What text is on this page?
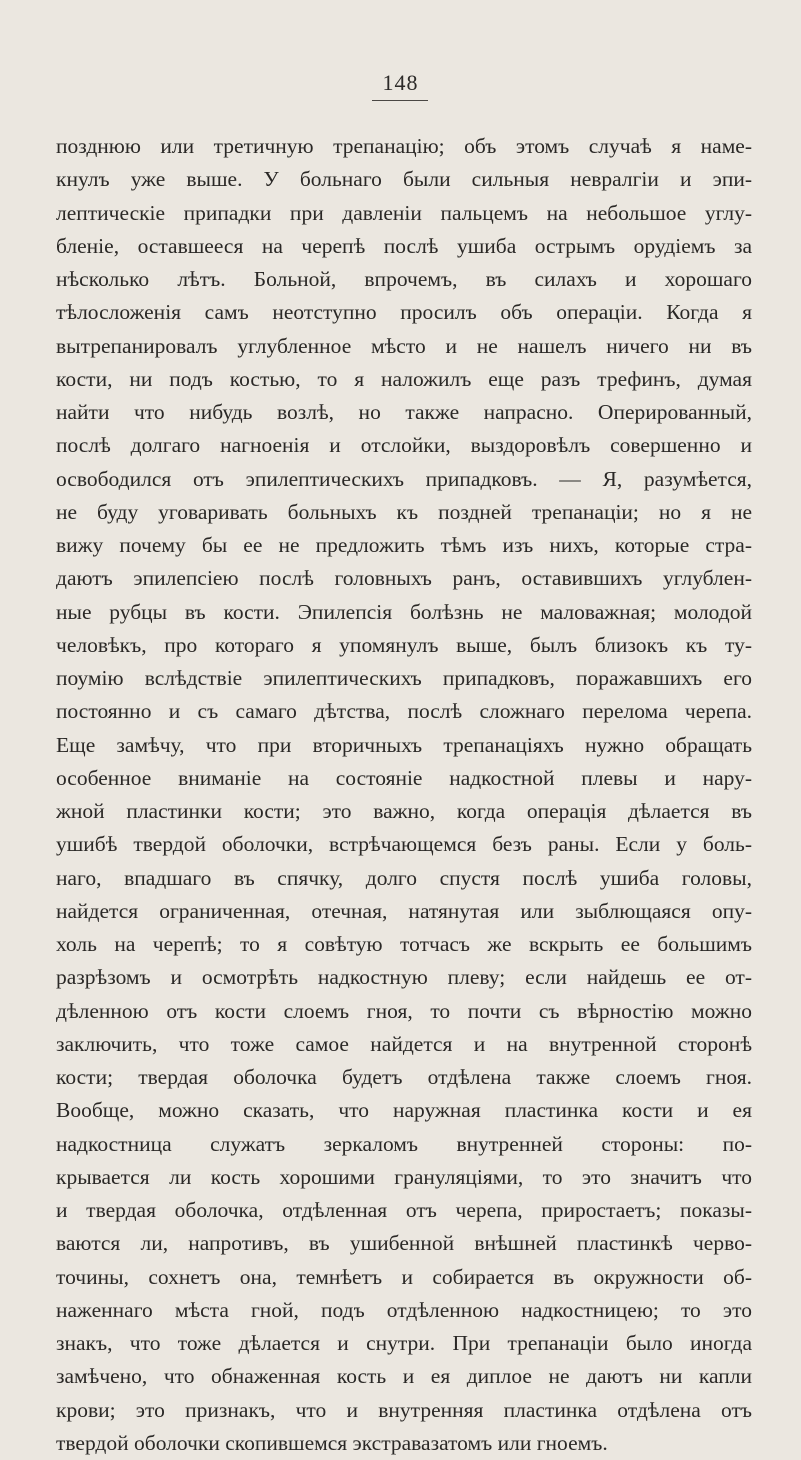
148
позднюю или третичную трепанацію; объ этомъ случаѣ я наме-
кнулъ уже выше. У больнаго были сильныя невралгіи и эпи-
лептическіе припадки при давленіи пальцемъ на небольшое углу-
бленіе, оставшееся на черепѣ послѣ ушиба острымъ орудіемъ за
нѣсколько лѣтъ. Больной, впрочемъ, въ силахъ и хорошаго
тѣлосложенія самъ неотступно просилъ объ операціи. Когда я
вытрепанировалъ углубленное мѣсто и не нашелъ ничего ни въ
кости, ни подъ костью, то я наложилъ еще разъ трефинъ, думая
найти что нибудь возлѣ, но также напрасно. Оперированный,
послѣ долгаго нагноенія и отслойки, выздоровѣлъ совершенно и
освободился отъ эпилептическихъ припадковъ. — Я, разумѣется,
не буду уговаривать больныхъ къ поздней трепанаціи; но я не
вижу почему бы ее не предложить тѣмъ изъ нихъ, которые стра-
даютъ эпилепсіею послѣ головныхъ ранъ, оставившихъ углублен-
ные рубцы въ кости. Эпилепсія болѣзнь не маловажная; молодой
человѣкъ, про котораго я упомянулъ выше, былъ близокъ къ ту-
поумію вслѣдствіе эпилептическихъ припадковъ, поражавшихъ его
постоянно и съ самаго дѣтства, послѣ сложнаго перелома черепа.
Еще замѣчу, что при вторичныхъ трепанаціяхъ нужно обращать
особенное вниманіе на состояніе надкостной плевы и нару-
жной пластинки кости; это важно, когда операція дѣлается въ
ушибѣ твердой оболочки, встрѣчающемся безъ раны. Если у боль-
наго, впадшаго въ спячку, долго спустя послѣ ушиба головы,
найдется ограниченная, отечная, натянутая или зыблющаяся опу-
холь на черепѣ; то я совѣтую тотчасъ же вскрыть ее большимъ
разрѣзомъ и осмотрѣть надкостную плеву; если найдешь ее от-
дѣленною отъ кости слоемъ гноя, то почти съ вѣрностію можно
заключить, что тоже самое найдется и на внутренной сторонѣ
кости; твердая оболочка будетъ отдѣлена также слоемъ гноя.
Вообще, можно сказать, что наружная пластинка кости и ея
надкостница служатъ зеркаломъ внутренней стороны: по-
крывается ли кость хорошими грануляціями, то это значитъ что
и твердая оболочка, отдѣленная отъ черепа, прирoстаетъ; показы-
ваются ли, напротивъ, въ ушибенной внѣшней пластинкѣ черво-
точины, сохнетъ она, темнѣетъ и собирается въ окружности об-
наженнаго мѣста гной, подъ отдѣленною надкостницею; то это
знакъ, что тоже дѣлается и снутри. При трепанаціи было иногда
замѣчено, что обнаженная кость и ея диплое не даютъ ни капли
крови; это признакъ, что и внутренняя пластинка отдѣлена отъ
твердой оболочки скопившемся экстравазатомъ или гноемъ.
